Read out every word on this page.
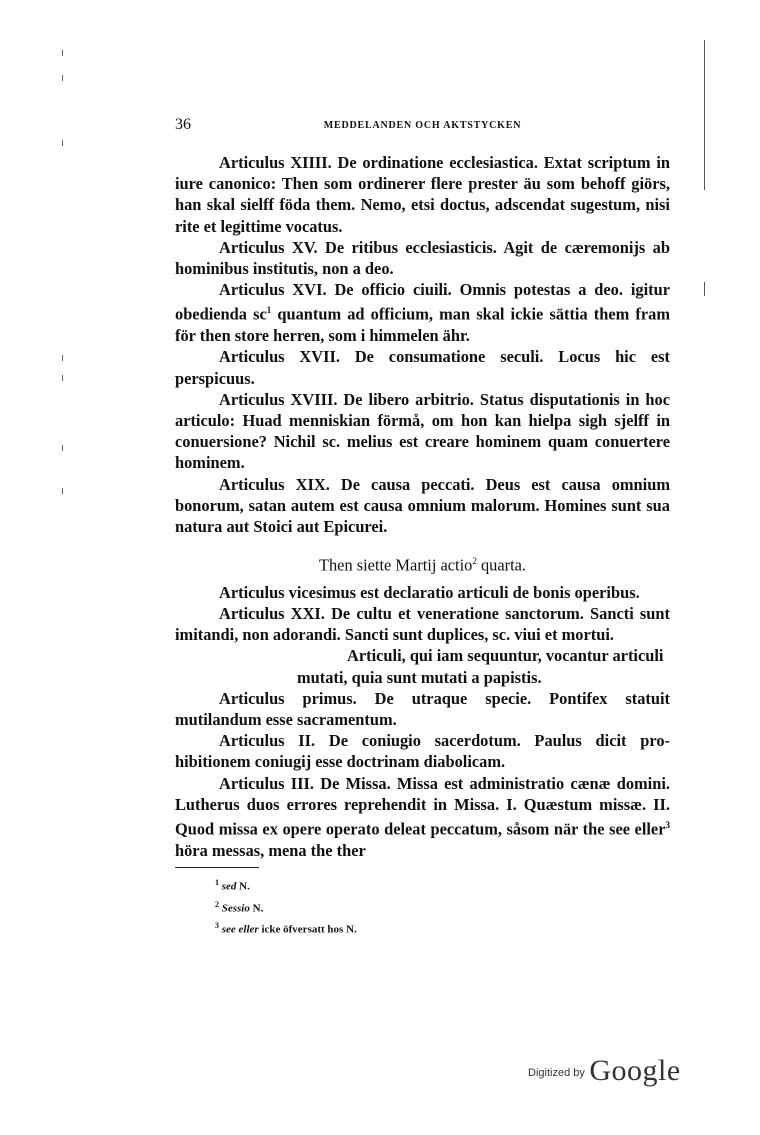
36	MEDDELANDEN OCH AKTSTYCKEN

Articulus XIIII. De ordinatione ecclesiastica. Extat scriptum in iure canonico: Then som ordinerer flere prester äu som behoff giörs, han skal sielff föda them. Nemo, etsi doctus, adscendat sugestum, nisi rite et legittime vocatus.

Articulus XV. De ritibus ecclesiasticis. Agit de cæremonijs ab hominibus institutis, non a deo.

Articulus XVI. De officio ciuili. Omnis potestas a deo. igitur obedienda $sc^1$ quantum ad officium, man skal ickie sättia them fram för then store herren, som i himmelen ähr.

Articulus XVII. De consumatione seculi. Locus hic est perspicuus.

Articulus XVIII. De libero arbitrio. Status disputationis in hoc articulo: Huad menniskian förmå, om hon kan hielpa sigh sjelff in conuersione? Nichil sc. melius est creare hominem quam conuertere hominem.

Articulus XIX. De causa peccati. Deus est causa omnium bonorum, satan autem est causa omnium malorum. Homines sunt sua natura aut Stoici aut Epicurei.

Then siette Martij actio$^2$ quarta.

Articulus vicesimus est declaratio articuli de bonis operibus.

Articulus XXI. De cultu et veneratione sanctorum. Sancti sunt imitandi, non adorandi. Sancti sunt duplices, sc. viui et mortui.

Articuli, qui iam sequuntur, vocantur articuli mutati, quia sunt mutati a papistis.

Articulus primus. De utraque specie. Pontifex statuit mutilandum esse sacramentum.

Articulus II. De coniugio sacerdotum. Paulus dicit prohibitionem coniugij esse doctrinam diabolicam.

Articulus III. De Missa. Missa est administratio cænæ domini. Lutherus duos errores reprehendit in Missa. I. Quæstum missæ. II. Quod missa ex opere operato deleat peccatum, såsom när the see eller$^3$ höra messas, mena the ther

$^1$ sed N.
$^2$ Sessio N.
$^3$ see eller icke öfversatt hos N.
$^{Digitized by}$ Google
